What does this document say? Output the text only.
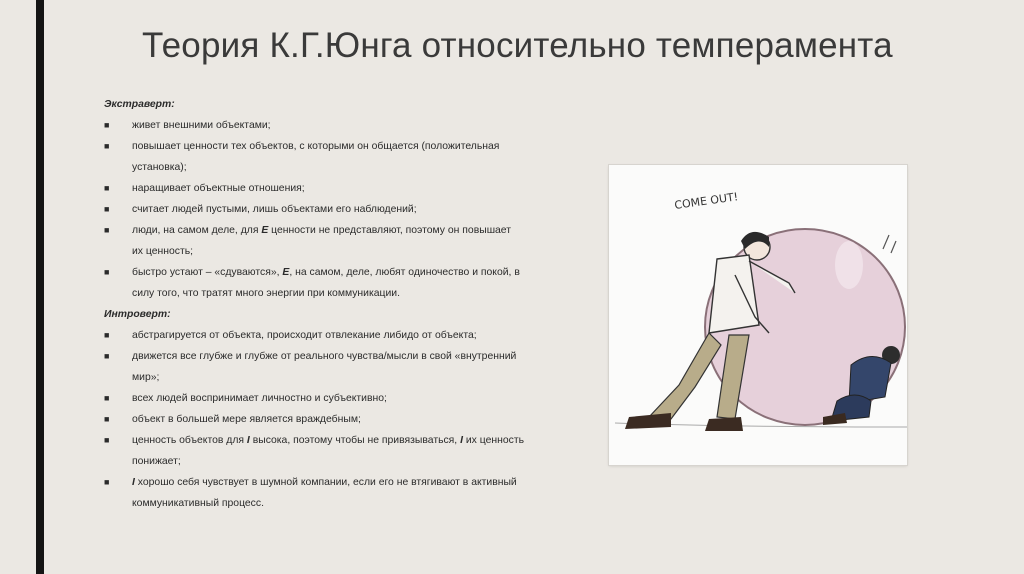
Теория К.Г.Юнга относительно темперамента
Экстраверт:
■ живет внешними объектами;
■ повышает ценности тех объектов, с которыми он общается (положительная установка);
■ наращивает объектные отношения;
■ считает людей пустыми, лишь объектами его наблюдений;
■ люди, на самом деле, для Е ценности не представляют, поэтому он повышает их ценность;
■ быстро устают – «сдуваются», Е, на самом, деле, любят одиночество и покой, в силу того, что тратят много энергии при коммуникации.
Интроверт:
■ абстрагируется от объекта, происходит отвлекание либидо от объекта;
■ движется все глубже и глубже от реального чувства/мысли в свой «внутренний мир»;
■ всех людей воспринимает личностно и субъективно;
■ объект в большей мере является враждебным;
■ ценность объектов для I высока, поэтому чтобы не привязываться, I их ценность понижает;
■ I хорошо себя чувствует в шумной компании, если его не втягивают в активный коммуникативный процесс.
COME OUT!
